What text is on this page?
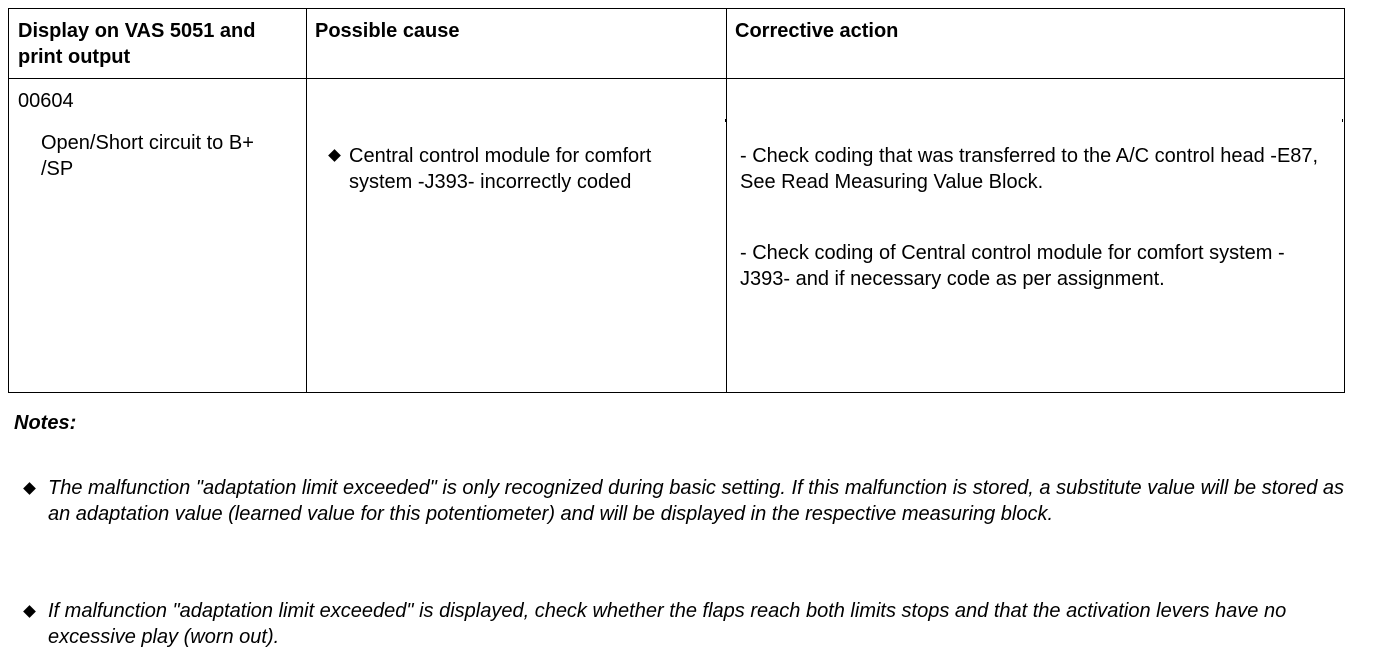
Display on VAS 5051 and print output
Possible cause	Corrective action
00604
Open/Short circuit to B+ /SP
Central control module for comfort system -J393- incorrectly coded
- Check coding that was transferred to the A/C control head -E87, See Read Measuring Value Block.
- Check coding of Central control module for comfort system -J393- and if necessary code as per assignment.
Notes:
The malfunction "adaptation limit exceeded" is only recognized during basic setting. If this malfunction is stored, a substitute value will be stored as an adaptation value (learned value for this potentiometer) and will be displayed in the respective measuring block.
If malfunction "adaptation limit exceeded" is displayed, check whether the flaps reach both limits stops and that the activation levers have no excessive play (worn out).
